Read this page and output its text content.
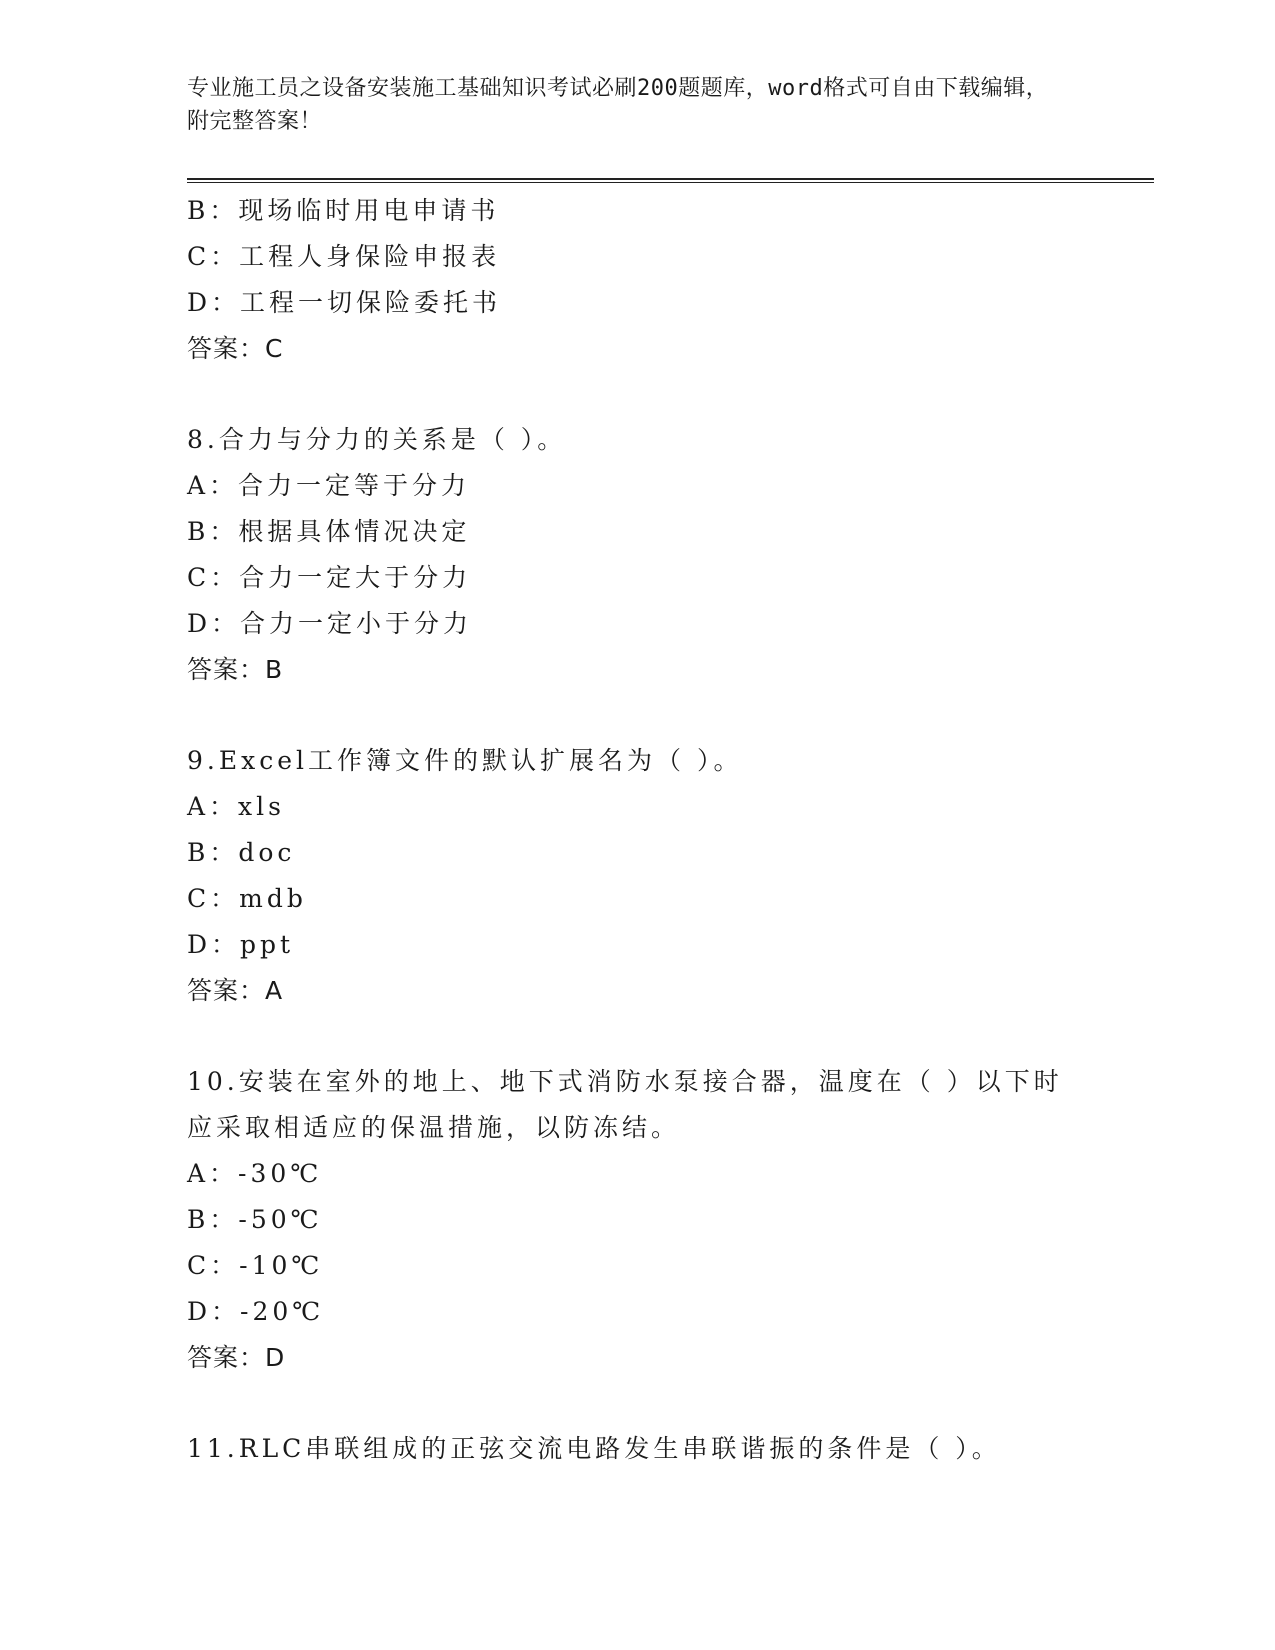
专业施工员之设备安装施工基础知识考试必刷200题题库，word格式可自由下载编辑，附完整答案！
B：现场临时用电申请书
C：工程人身保险申报表
D：工程一切保险委托书
答案：C
8.合力与分力的关系是（ ）。
A：合力一定等于分力
B：根据具体情况决定
C：合力一定大于分力
D：合力一定小于分力
答案：B
9.Excel工作簿文件的默认扩展名为（ ）。
A：xls
B：doc
C：mdb
D：ppt
答案：A
10.安装在室外的地上、地下式消防水泵接合器，温度在（ ）以下时应采取相适应的保温措施，以防冻结。
A：-30℃
B：-50℃
C：-10℃
D：-20℃
答案：D
11.RLC串联组成的正弦交流电路发生串联谐振的条件是（ ）。
